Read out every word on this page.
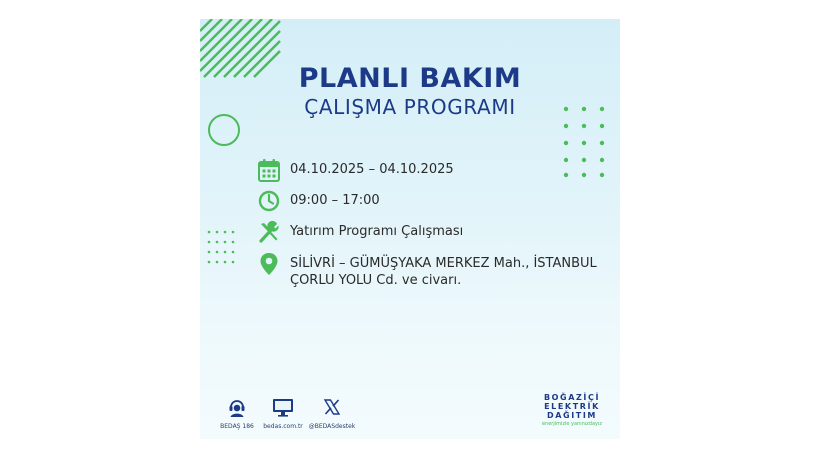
PLANLI BAKIM
ÇALIŞMA PROGRAMI
04.10.2025 – 04.10.2025
09:00 – 17:00
Yatırım Programı Çalışması
SİLİVRİ – GÜMÜŞYAKA MERKEZ Mah., İSTANBUL
ÇORLU YOLU Cd. ve civarı.
BEDAŞ 186 bedas.com.tr @BEDASdestek
BOĞAZİÇİ
ELEKTRİK
DAĞITIM
enerjimizle yanınızdayız
